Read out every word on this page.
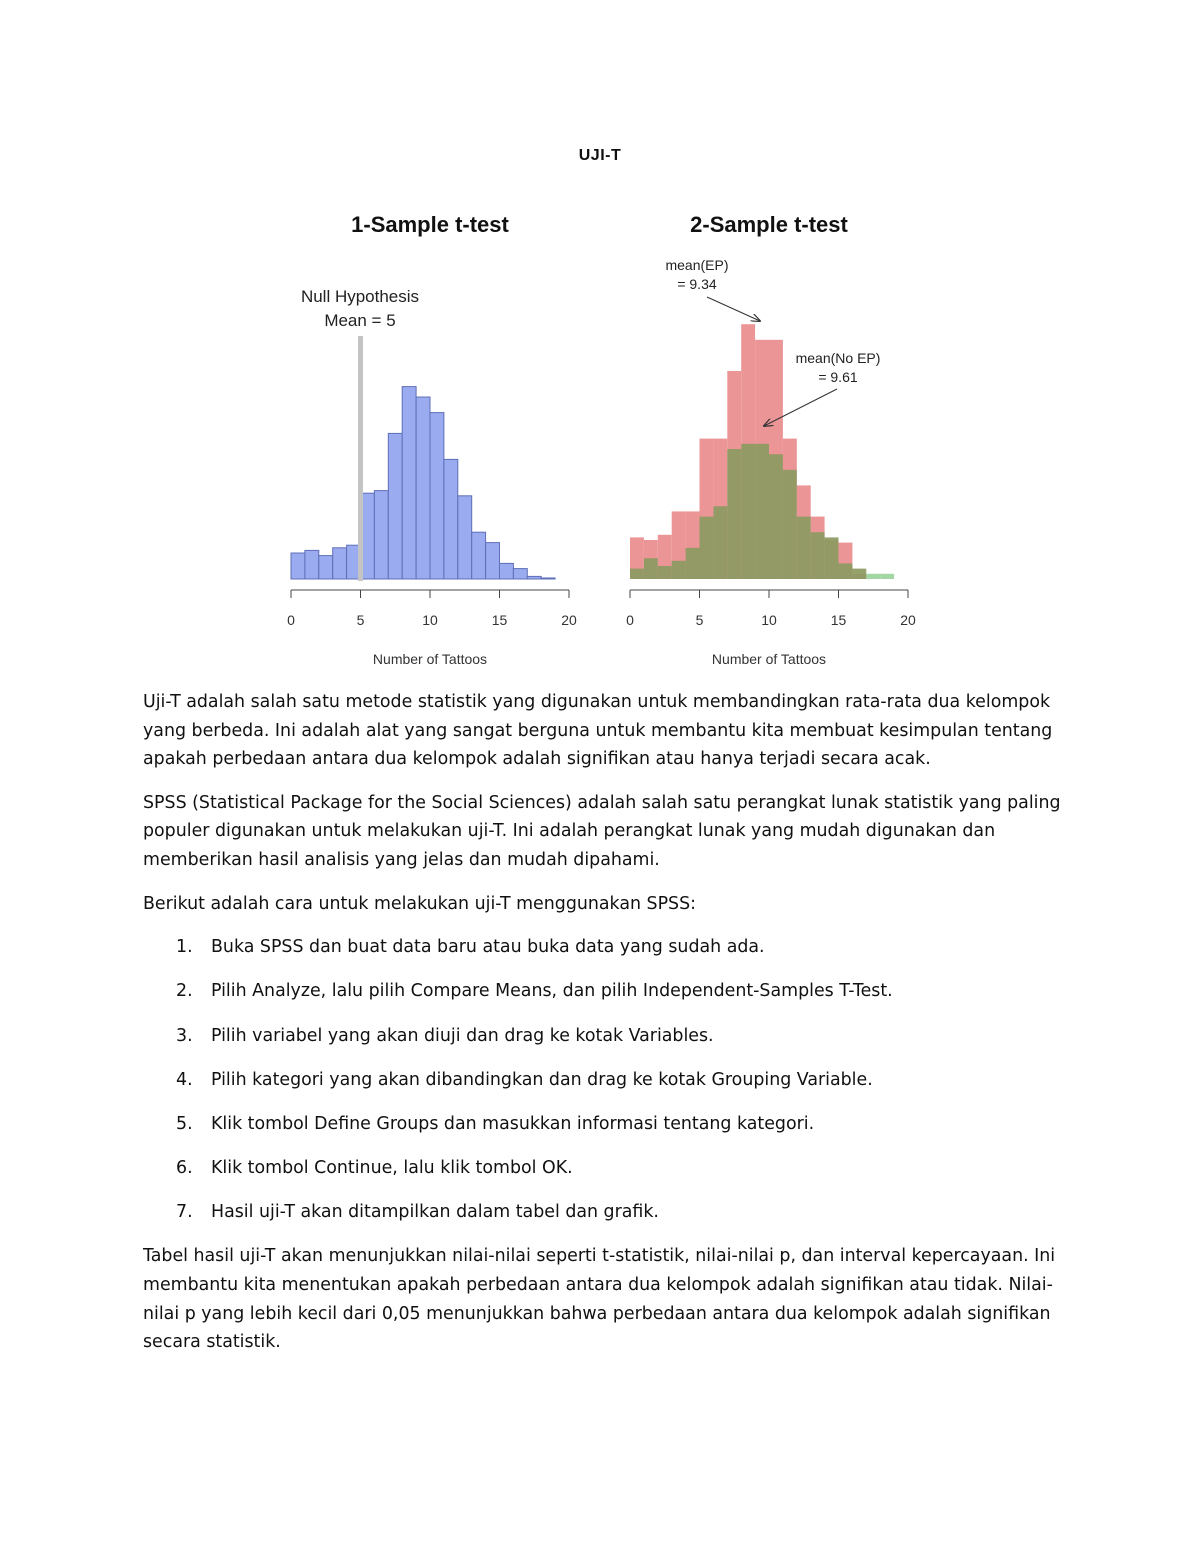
UJI-T
1-Sample t-test
Null Hypothesis
Mean = 5
0	5	10	15	20
Number of Tattoos
2-Sample t-test
0	5	10	15	20
mean(EP)
= 9.34
mean(No EP)
= 9.61
Number of Tattoos

Uji-T adalah salah satu metode statistik yang digunakan untuk membandingkan rata-rata dua kelompok yang berbeda. Ini adalah alat yang sangat berguna untuk membantu kita membuat kesimpulan tentang apakah perbedaan antara dua kelompok adalah signifikan atau hanya terjadi secara acak.

SPSS (Statistical Package for the Social Sciences) adalah salah satu perangkat lunak statistik yang paling populer digunakan untuk melakukan uji-T. Ini adalah perangkat lunak yang mudah digunakan dan memberikan hasil analisis yang jelas dan mudah dipahami.

Berikut adalah cara untuk melakukan uji-T menggunakan SPSS:

1.	Buka SPSS dan buat data baru atau buka data yang sudah ada.
2.	Pilih Analyze, lalu pilih Compare Means, dan pilih Independent-Samples T-Test.
3.	Pilih variabel yang akan diuji dan drag ke kotak Variables.
4.	Pilih kategori yang akan dibandingkan dan drag ke kotak Grouping Variable.
5.	Klik tombol Define Groups dan masukkan informasi tentang kategori.
6.	Klik tombol Continue, lalu klik tombol OK.
7.	Hasil uji-T akan ditampilkan dalam tabel dan grafik.

Tabel hasil uji-T akan menunjukkan nilai-nilai seperti t-statistik, nilai-nilai p, dan interval kepercayaan. Ini membantu kita menentukan apakah perbedaan antara dua kelompok adalah signifikan atau tidak. Nilai-nilai p yang lebih kecil dari 0,05 menunjukkan bahwa perbedaan antara dua kelompok adalah signifikan secara statistik.
